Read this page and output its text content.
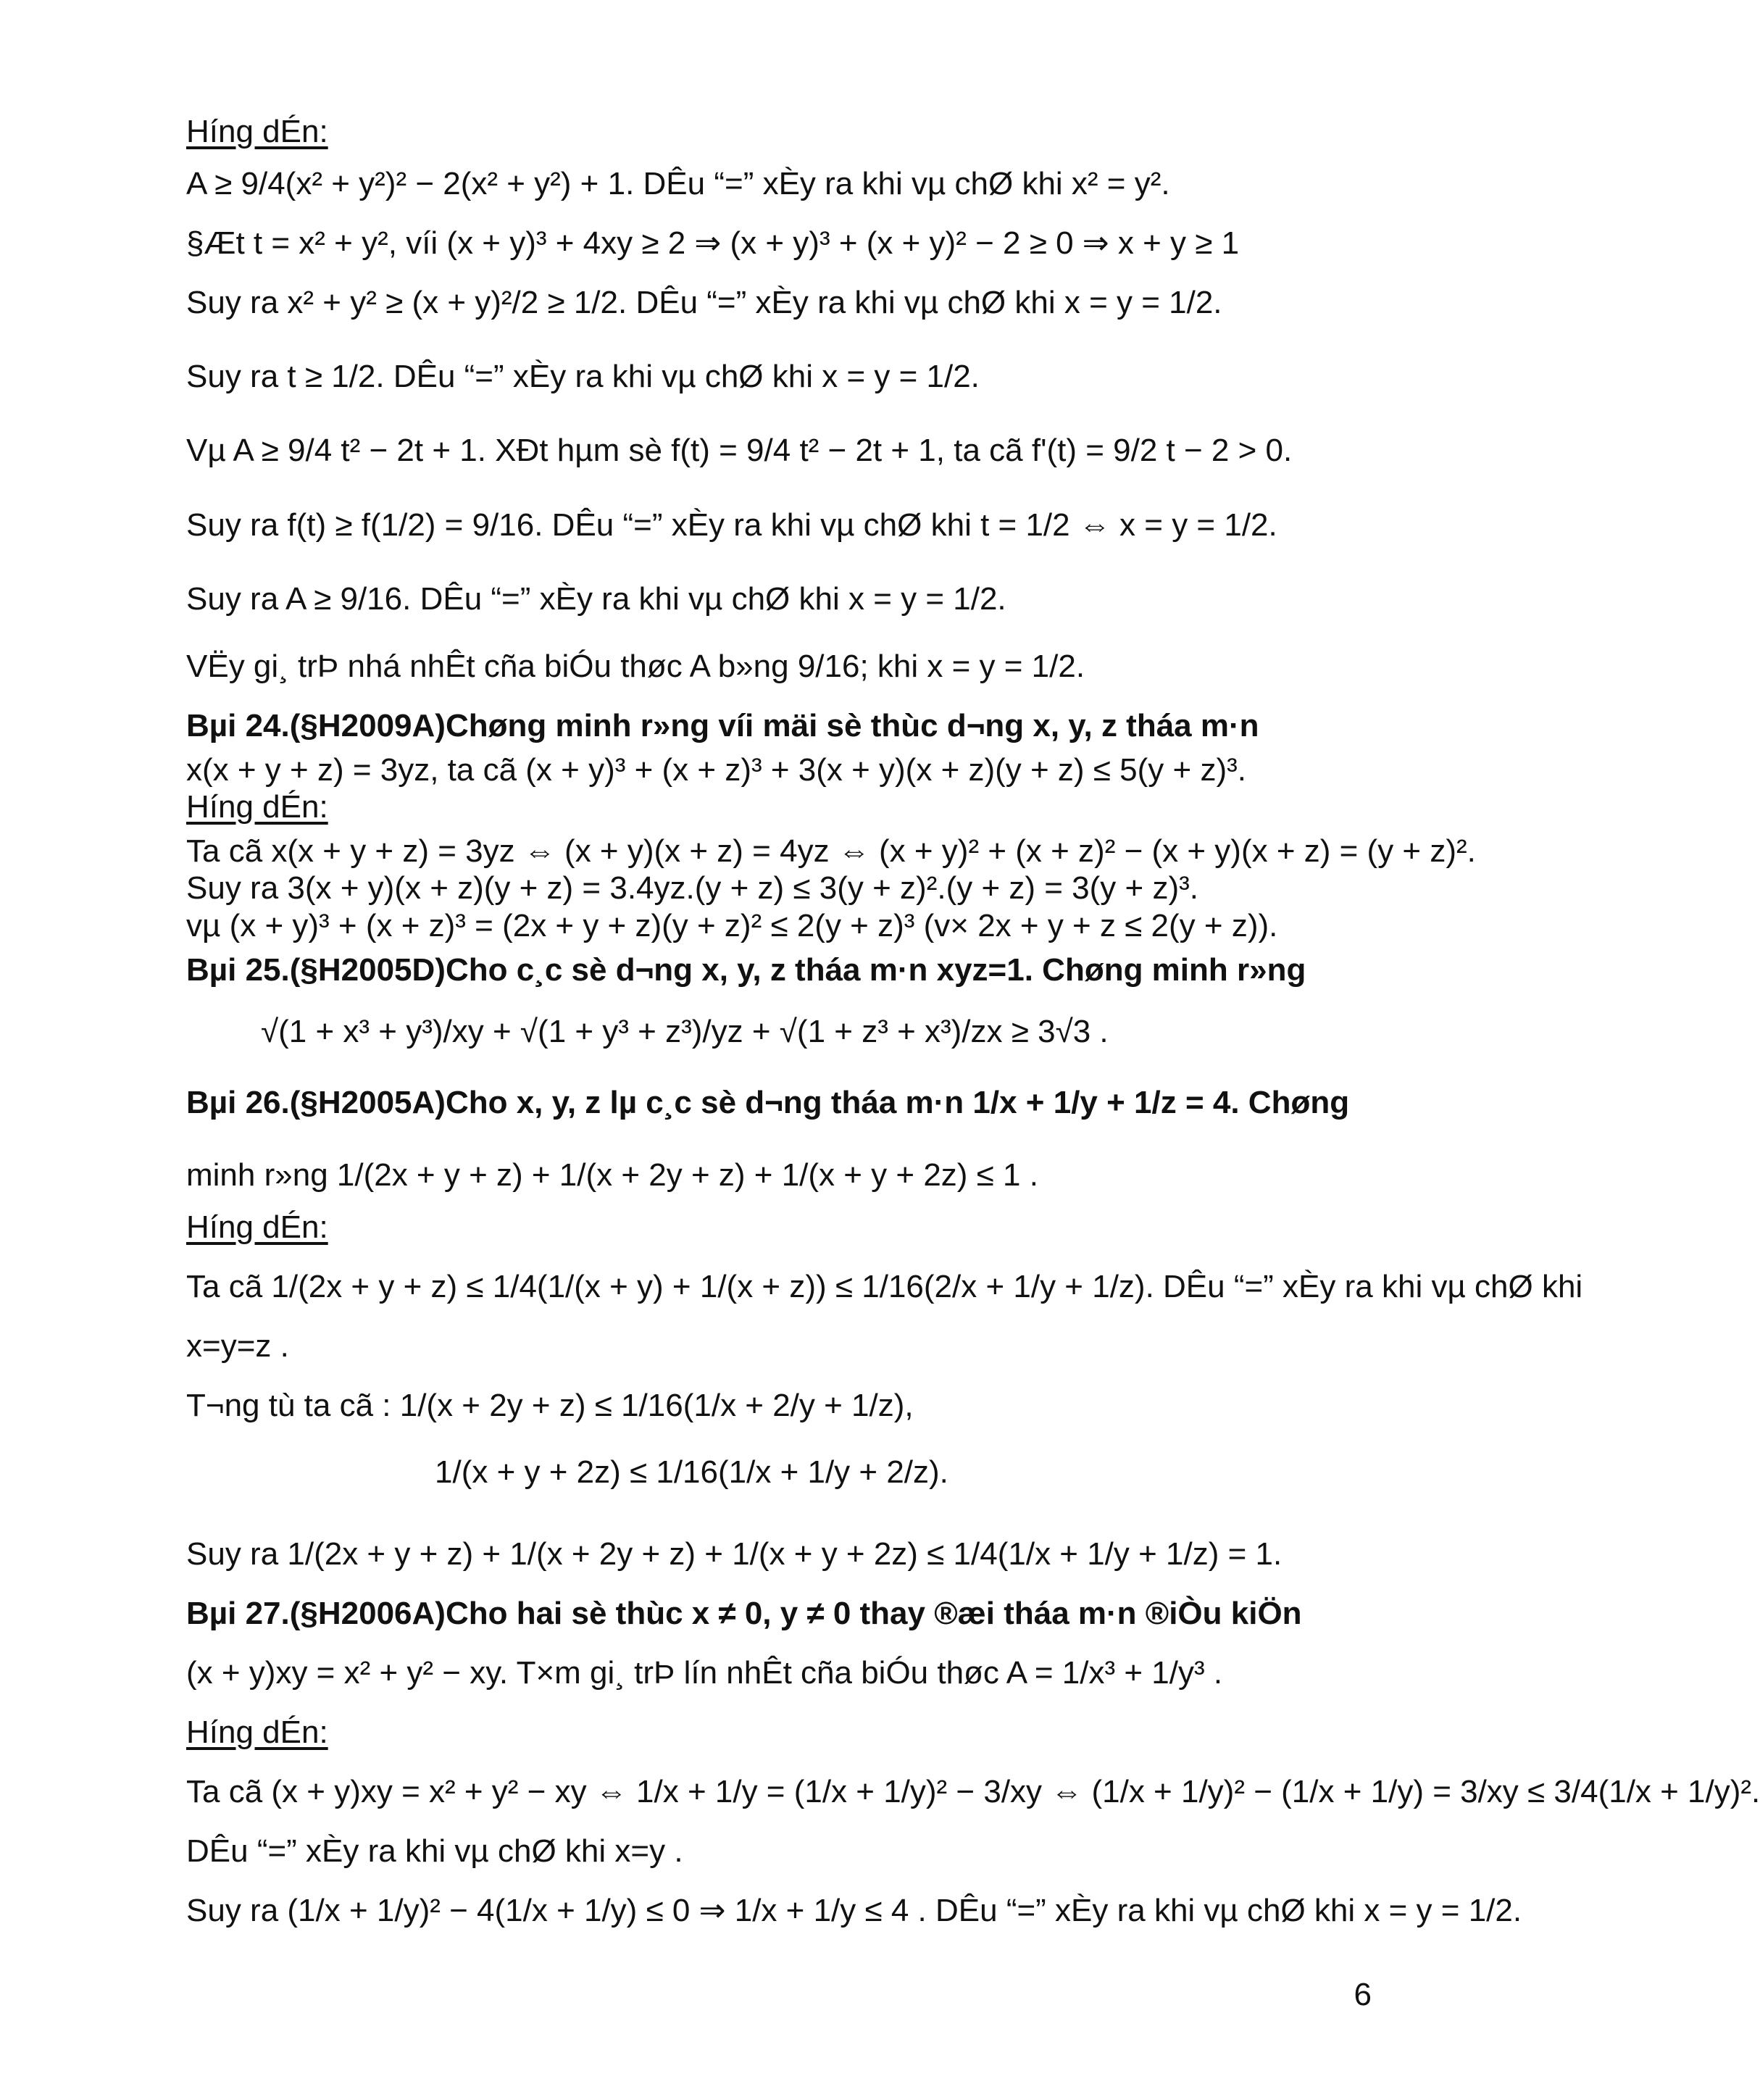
Híng dÉn:
A ≥ 9/4(x² + y²)² − 2(x² + y²) + 1. DÊu “=” xÈy ra khi vµ chØ khi x² = y².
§Æt t = x² + y², víi (x + y)³ + 4xy ≥ 2 ⇒ (x + y)³ + (x + y)² − 2 ≥ 0 ⇒ x + y ≥ 1
Suy ra x² + y² ≥ (x + y)²/2 ≥ 1/2. DÊu “=” xÈy ra khi vµ chØ khi x = y = 1/2.
Suy ra t ≥ 1/2. DÊu “=” xÈy ra khi vµ chØ khi x = y = 1/2.
Vµ A ≥ 9/4 t² − 2t + 1. XÐt hµm sè f(t) = 9/4 t² − 2t + 1, ta cã f'(t) = 9/2 t − 2 > 0.
Suy ra f(t) ≥ f(1/2) = 9/16. DÊu “=” xÈy ra khi vµ chØ khi t = 1/2 ⇔ x = y = 1/2.
Suy ra A ≥ 9/16. DÊu “=” xÈy ra khi vµ chØ khi x = y = 1/2.
VËy gi¸ trÞ nhá nhÊt cña biÓu thøc A b»ng 9/16; khi x = y = 1/2.
Bµi 24.(§H2009A)Chøng minh r»ng víi mäi sè thùc d¬ng x, y, z tháa m·n
x(x + y + z) = 3yz, ta cã (x + y)³ + (x + z)³ + 3(x + y)(x + z)(y + z) ≤ 5(y + z)³.
Híng dÉn:
Ta cã x(x + y + z) = 3yz ⇔ (x + y)(x + z) = 4yz ⇔ (x + y)² + (x + z)² − (x + y)(x + z) = (y + z)².
Suy ra 3(x + y)(x + z)(y + z) = 3.4yz.(y + z) ≤ 3(y + z)².(y + z) = 3(y + z)³.
vµ (x + y)³ + (x + z)³ = (2x + y + z)(y + z)² ≤ 2(y + z)³ (v× 2x + y + z ≤ 2(y + z)).
Bµi 25.(§H2005D)Cho c¸c sè d¬ng x, y, z tháa m·n xyz=1. Chøng minh r»ng
√(1 + x³ + y³)/xy + √(1 + y³ + z³)/yz + √(1 + z³ + x³)/zx ≥ 3√3 .
Bµi 26.(§H2005A)Cho x, y, z lµ c¸c sè d¬ng tháa m·n 1/x + 1/y + 1/z = 4. Chøng
minh r»ng 1/(2x + y + z) + 1/(x + 2y + z) + 1/(x + y + 2z) ≤ 1 .
Híng dÉn:
Ta cã 1/(2x + y + z) ≤ 1/4(1/(x + y) + 1/(x + z)) ≤ 1/16(2/x + 1/y + 1/z). DÊu “=” xÈy ra khi vµ chØ khi
x=y=z .
T¬ng tù ta cã : 1/(x + 2y + z) ≤ 1/16(1/x + 2/y + 1/z),
1/(x + y + 2z) ≤ 1/16(1/x + 1/y + 2/z).
Suy ra 1/(2x + y + z) + 1/(x + 2y + z) + 1/(x + y + 2z) ≤ 1/4(1/x + 1/y + 1/z) = 1.
Bµi 27.(§H2006A)Cho hai sè thùc x ≠ 0, y ≠ 0 thay ®æi tháa m·n ®iÒu kiÖn
(x + y)xy = x² + y² − xy. T×m gi¸ trÞ lín nhÊt cña biÓu thøc A = 1/x³ + 1/y³ .
Híng dÉn:
Ta cã (x + y)xy = x² + y² − xy ⇔ 1/x + 1/y = (1/x + 1/y)² − 3/xy ⇔ (1/x + 1/y)² − (1/x + 1/y) = 3/xy ≤ 3/4(1/x + 1/y)².
DÊu “=” xÈy ra khi vµ chØ khi x=y .
Suy ra (1/x + 1/y)² − 4(1/x + 1/y) ≤ 0 ⇒ 1/x + 1/y ≤ 4 . DÊu “=” xÈy ra khi vµ chØ khi x = y = 1/2.
6
